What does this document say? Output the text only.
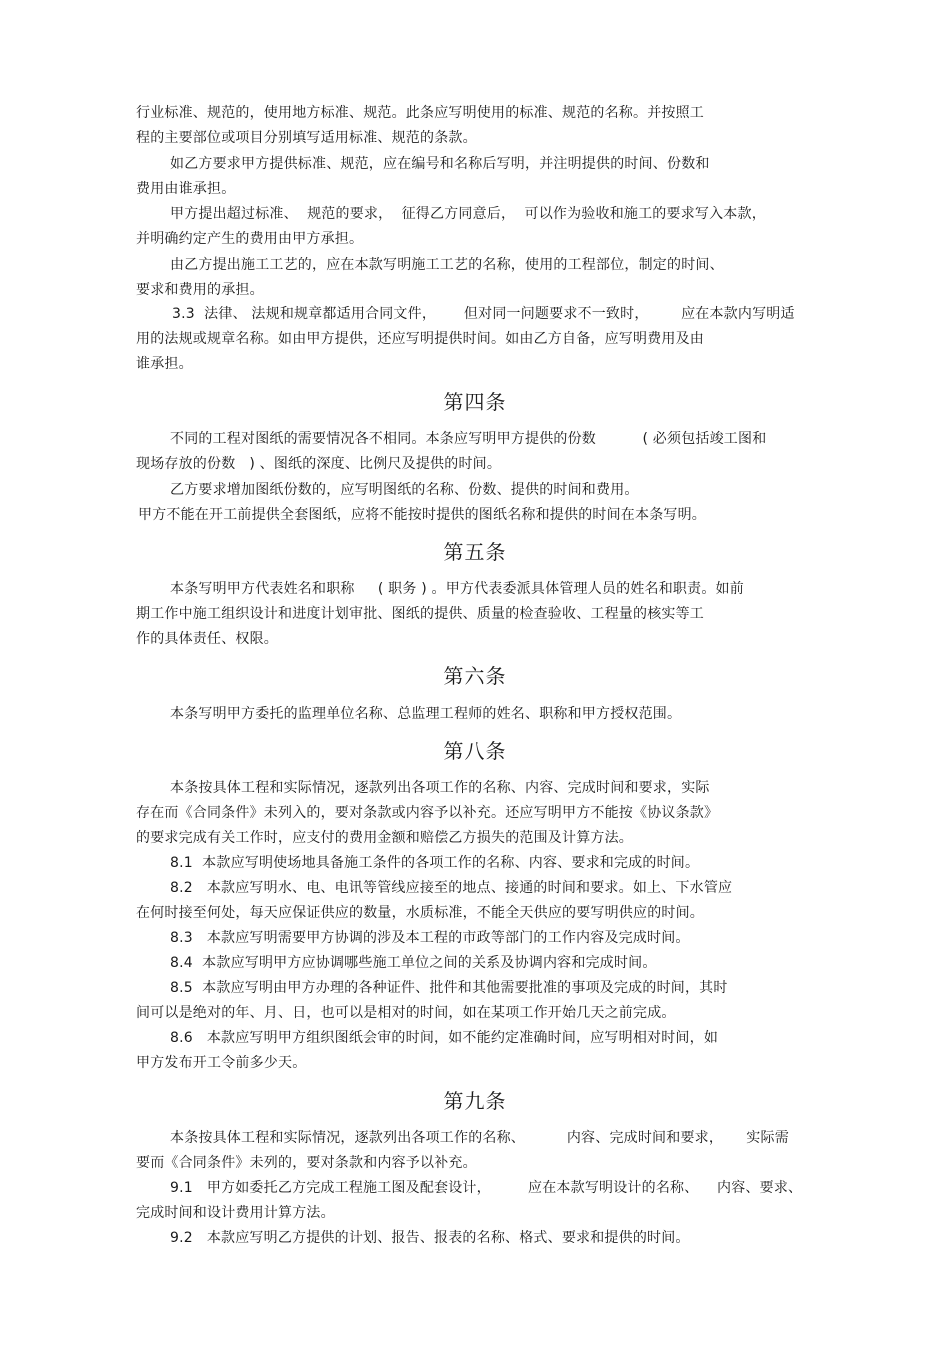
行业标准、规范的，使用地方标准、规范。此条应写明使用的标准、规范的名称。并按照工
程的主要部位或项目分别填写适用标准、规范的条款。
如乙方要求甲方提供标准、规范，应在编号和名称后写明，并注明提供的时间、份数和
费用由谁承担。
甲方提出超过标准、  规范的要求，  征得乙方同意后，  可以作为验收和施工的要求写入本款，
并明确约定产生的费用由甲方承担。
由乙方提出施工工艺的，应在本款写明施工工艺的名称，使用的工程部位，制定的时间、
要求和费用的承担。
3.3  法律、 法规和规章都适用合同文件，      但对同一问题要求不一致时，       应在本款内写明适
用的法规或规章名称。如由甲方提供，还应写明提供时间。如由乙方自备，应写明费用及由
谁承担。
第四条
不同的工程对图纸的需要情况各不相同。本条应写明甲方提供的份数          ( 必须包括竣工图和
现场存放的份数   ) 、图纸的深度、比例尺及提供的时间。
乙方要求增加图纸份数的，应写明图纸的名称、份数、提供的时间和费用。
甲方不能在开工前提供全套图纸，应将不能按时提供的图纸名称和提供的时间在本条写明。
第五条
本条写明甲方代表姓名和职称     ( 职务 ) 。甲方代表委派具体管理人员的姓名和职责。如前
期工作中施工组织设计和进度计划审批、图纸的提供、质量的检查验收、工程量的核实等工
作的具体责任、权限。
第六条
本条写明甲方委托的监理单位名称、总监理工程师的姓名、职称和甲方授权范围。
第八条
本条按具体工程和实际情况，逐款列出各项工作的名称、内容、完成时间和要求，实际
存在而《合同条件》未列入的，要对条款或内容予以补充。还应写明甲方不能按《协议条款》
的要求完成有关工作时，应支付的费用金额和赔偿乙方损失的范围及计算方法。
8.1  本款应写明使场地具备施工条件的各项工作的名称、内容、要求和完成的时间。
8.2   本款应写明水、电、电讯等管线应接至的地点、接通的时间和要求。如上、下水管应
在何时接至何处，每天应保证供应的数量，水质标准，不能全天供应的要写明供应的时间。
8.3   本款应写明需要甲方协调的涉及本工程的市政等部门的工作内容及完成时间。
8.4  本款应写明甲方应协调哪些施工单位之间的关系及协调内容和完成时间。
8.5  本款应写明由甲方办理的各种证件、批件和其他需要批准的事项及完成的时间，其时
间可以是绝对的年、月、日，也可以是相对的时间，如在某项工作开始几天之前完成。
8.6   本款应写明甲方组织图纸会审的时间，如不能约定准确时间，应写明相对时间，如
甲方发布开工令前多少天。
第九条
本条按具体工程和实际情况，逐款列出各项工作的名称、         内容、完成时间和要求，     实际需
要而《合同条件》未列的，要对条款和内容予以补充。
9.1   甲方如委托乙方完成工程施工图及配套设计，        应在本款写明设计的名称、    内容、要求、
完成时间和设计费用计算方法。
9.2   本款应写明乙方提供的计划、报告、报表的名称、格式、要求和提供的时间。
